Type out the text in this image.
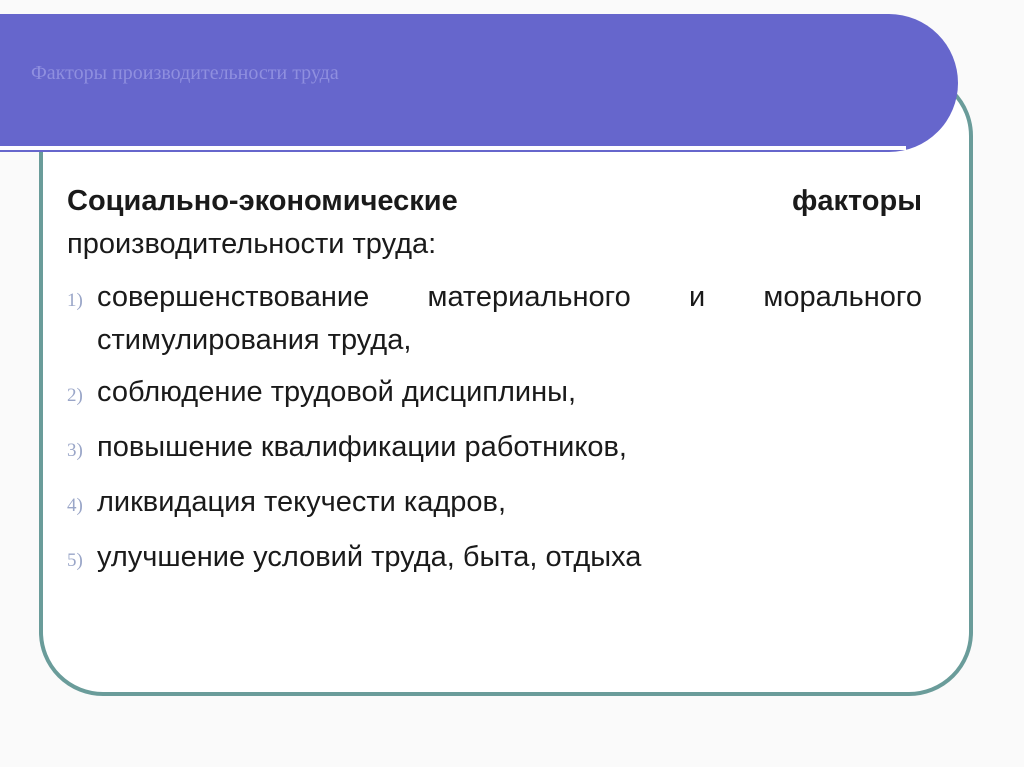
Факторы производительности труда

Социально-экономические	факторы
производительности труда:

1) совершенствование материального и морального
стимулирования труда,
2) соблюдение трудовой дисциплины,
3) повышение квалификации работников,
4) ликвидация текучести кадров,
5) улучшение условий труда, быта, отдыха
